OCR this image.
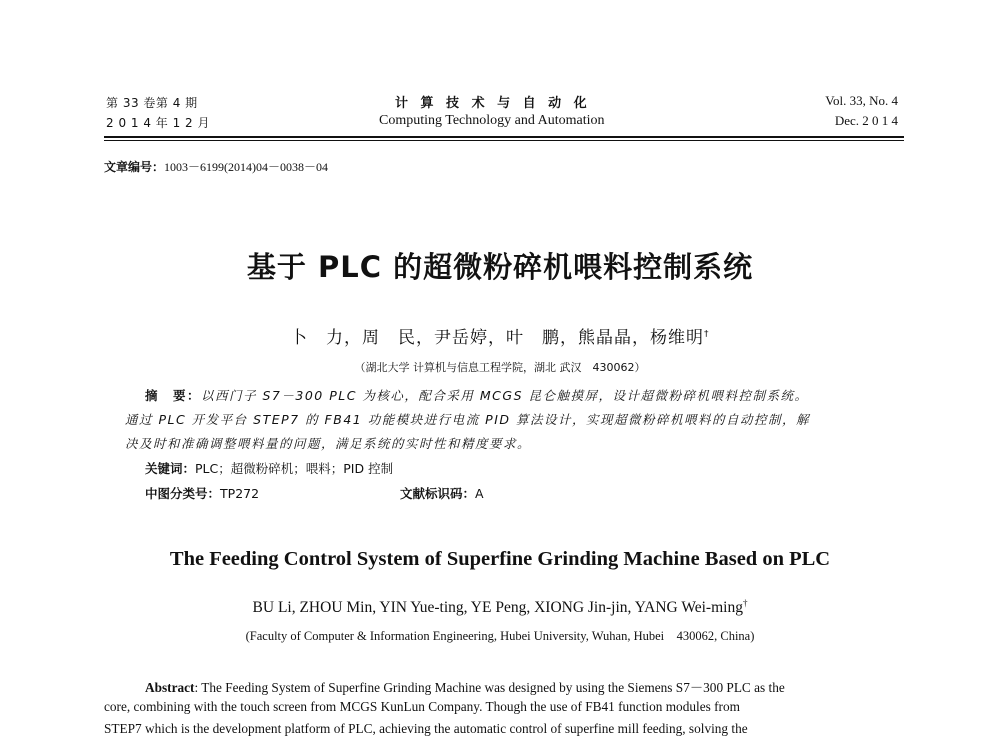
第 33 卷第 4 期
2 0 1 4 年 1 2 月
计 算 技 术 与 自 动 化
Computing Technology and Automation
Vol. 33, No. 4
Dec. 2 0 1 4
文章编号：1003－6199(2014)04－0038－04
基于 PLC 的超微粉碎机喂料控制系统
卜　力，周　民，尹岳婷，叶　鹏，熊晶晶，杨维明†
（湖北大学 计算机与信息工程学院，湖北 武汉　430062）
摘　要：以西门子 S7－300 PLC 为核心，配合采用 MCGS 昆仑触摸屏，设计超微粉碎机喂料控制系统。
通过 PLC 开发平台 STEP7 的 FB41 功能模块进行电流 PID 算法设计，实现超微粉碎机喂料的自动控制，解
决及时和准确调整喂料量的问题，满足系统的实时性和精度要求。
关键词：PLC；超微粉碎机；喂料；PID 控制
中图分类号：TP272	文献标识码：A
The Feeding Control System of Superfine Grinding Machine Based on PLC
BU Li, ZHOU Min, YIN Yue-ting, YE Peng, XIONG Jin-jin, YANG Wei-ming†
(Faculty of Computer & Information Engineering, Hubei University, Wuhan, Hubei　430062, China)
Abstract: The Feeding System of Superfine Grinding Machine was designed by using the Siemens S7－300 PLC as the
core, combining with the touch screen from MCGS KunLun Company. Though the use of FB41 function modules from
STEP7 which is the development platform of PLC, achieving the automatic control of superfine mill feeding, solving the
